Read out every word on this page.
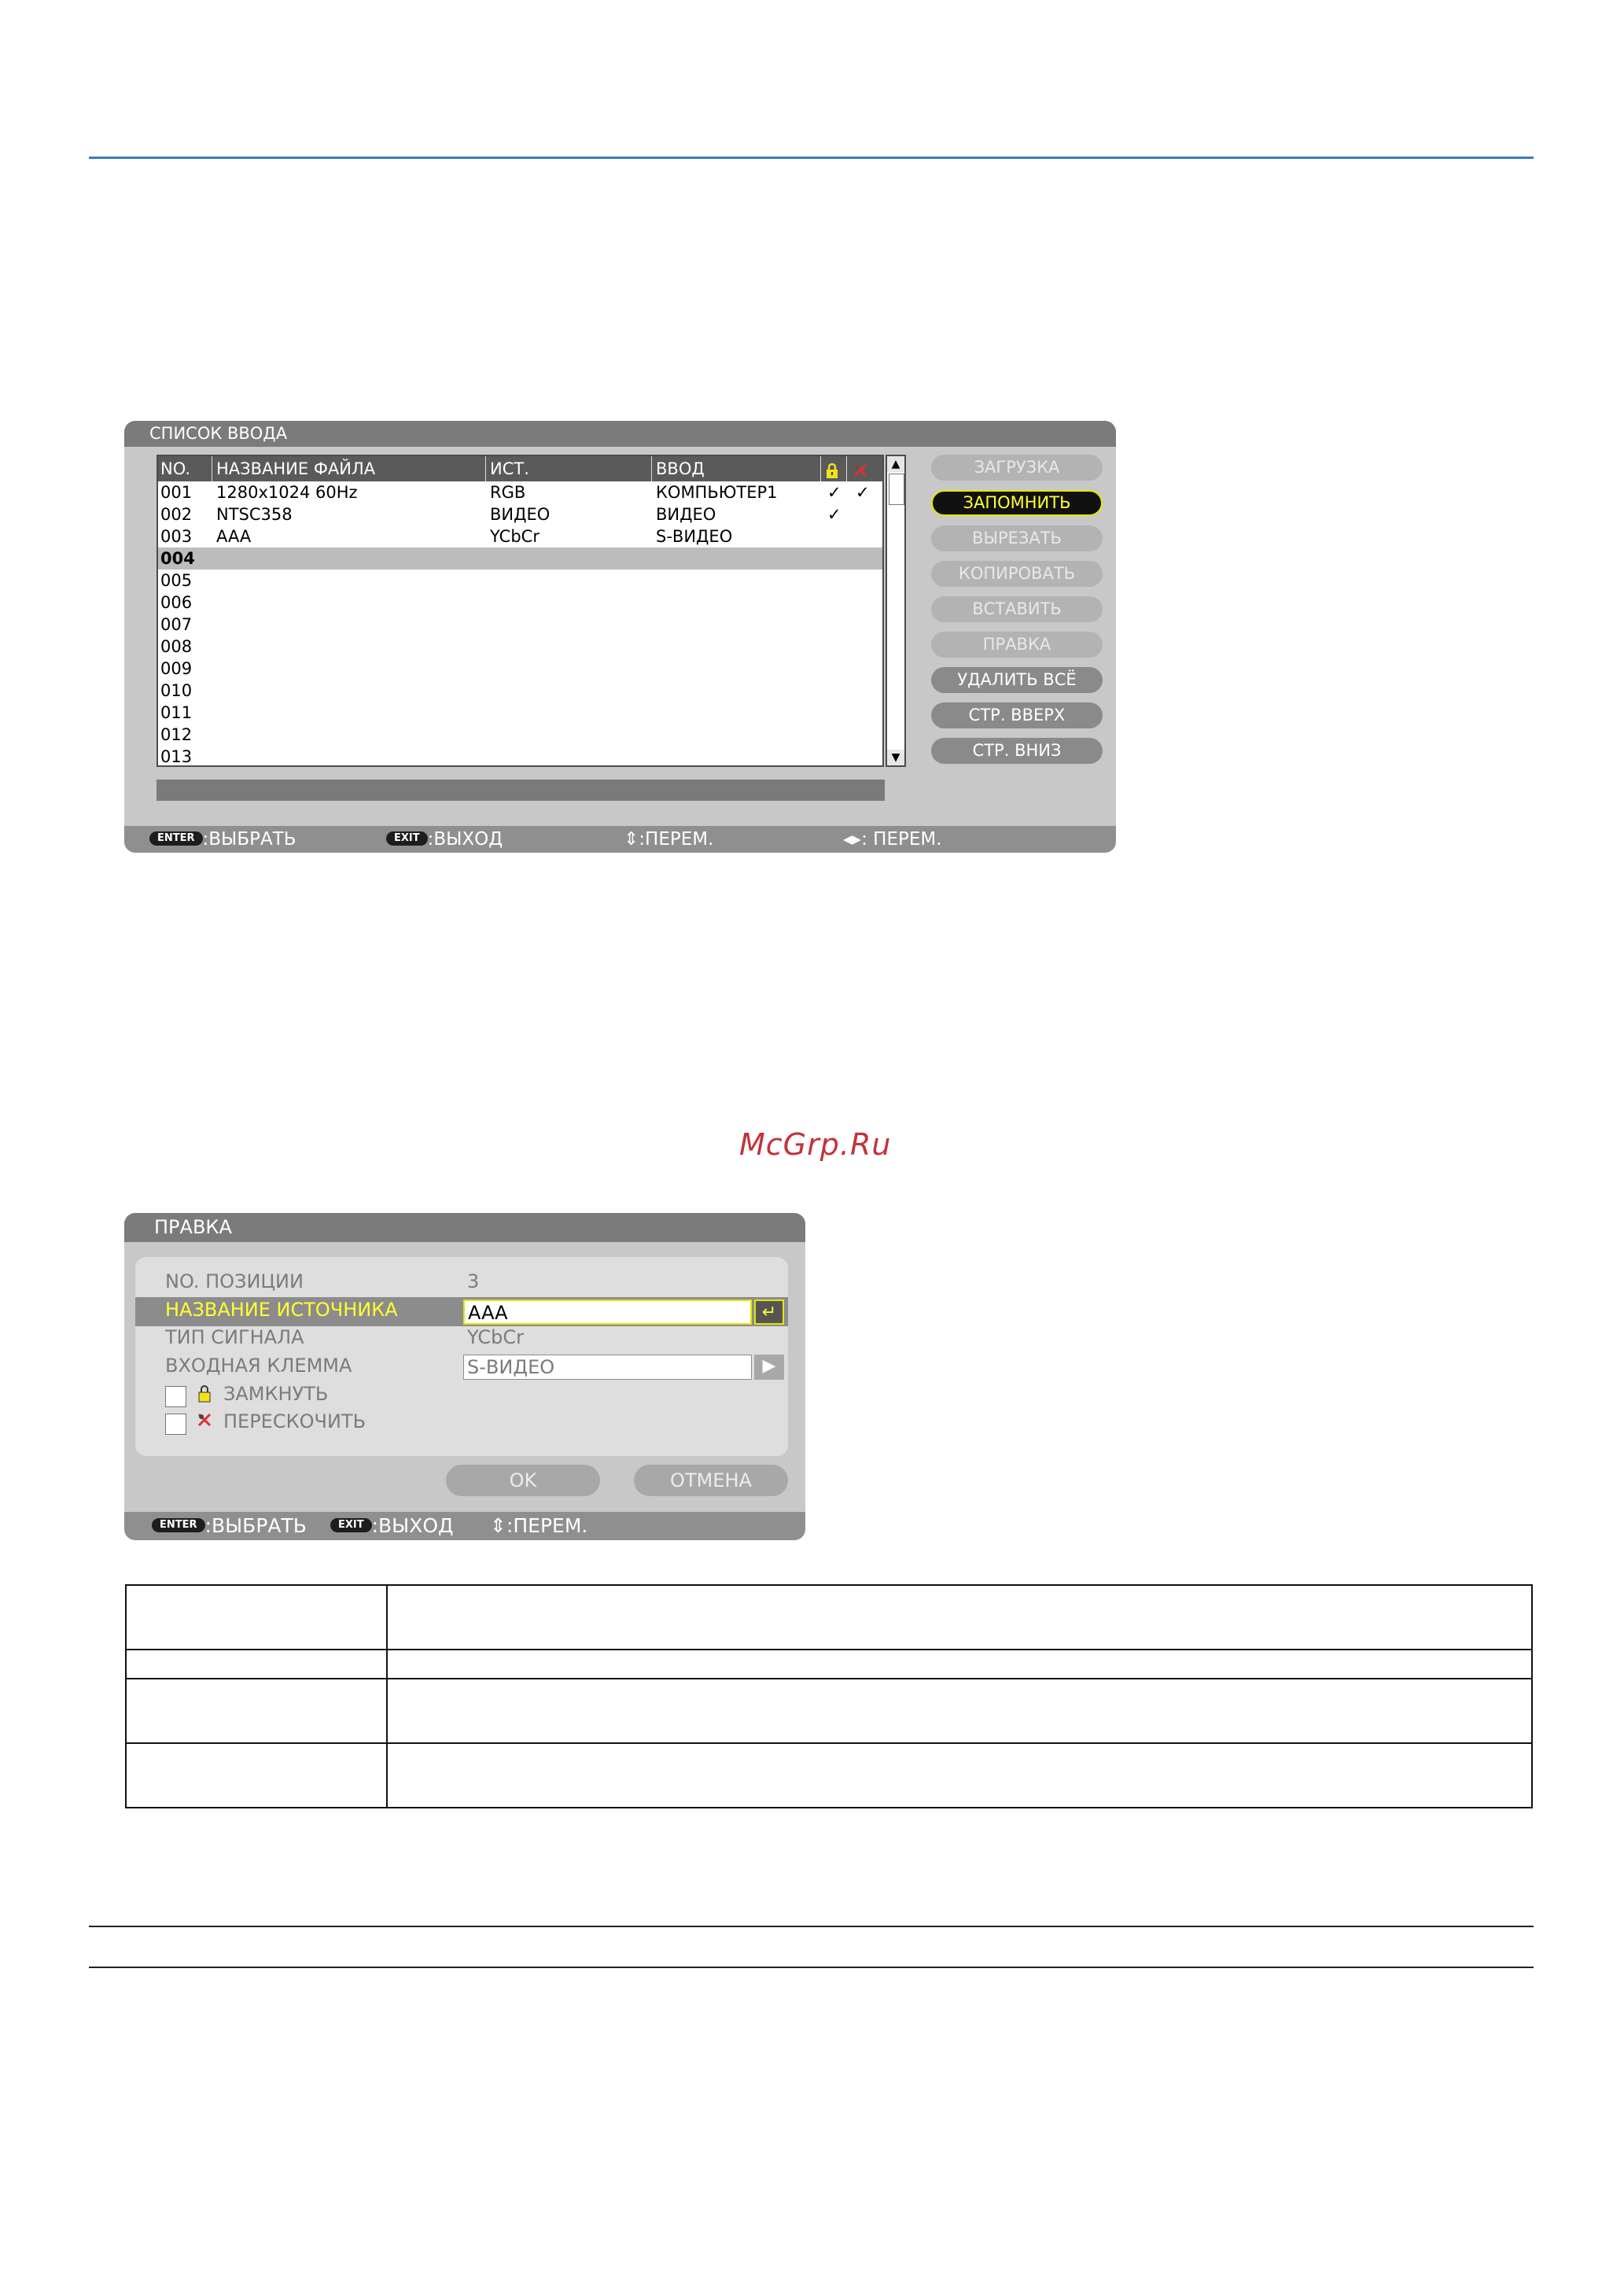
СПИСОК ВВОДА
NO. НАЗВАНИЕ ФАЙЛА	ИСТ.	ВВОД
001 1280x1024 60Hz	RGB	КОМПЬЮТЕР1	✓ ✓
002 NTSC358	ВИДЕО	ВИДЕО	✓
003 AAA	YCbCr	S-ВИДЕО
004
005
006
007
008
009
010
011
012
013
▲
▼
ЗАГРУЗКА
ЗАПОМНИТЬ
ВЫРЕЗАТЬ
КОПИРОВАТЬ
ВСТАВИТЬ
ПРАВКА
УДАЛИТЬ ВСЁ
СТР. ВВЕРХ
СТР. ВНИЗ
ENTER :ВЫБРАТЬ	EXIT :ВЫХОД	⇕:ПЕРЕМ.	◂▸: ПЕРЕМ.
McGrp.Ru
ПРАВКА
NO. ПОЗИЦИИ	3
НАЗВАНИЕ ИСТОЧНИКА	AAA	↵
ТИП СИГНАЛА	YCbCr
ВХОДНАЯ КЛЕММА	S-ВИДЕО	▶
ЗАМКНУТЬ
ПЕРЕСКОЧИТЬ
OK	ОТМЕНА
ENTER :ВЫБРАТЬ	EXIT :ВЫХОД ⇕:ПЕРЕМ.
